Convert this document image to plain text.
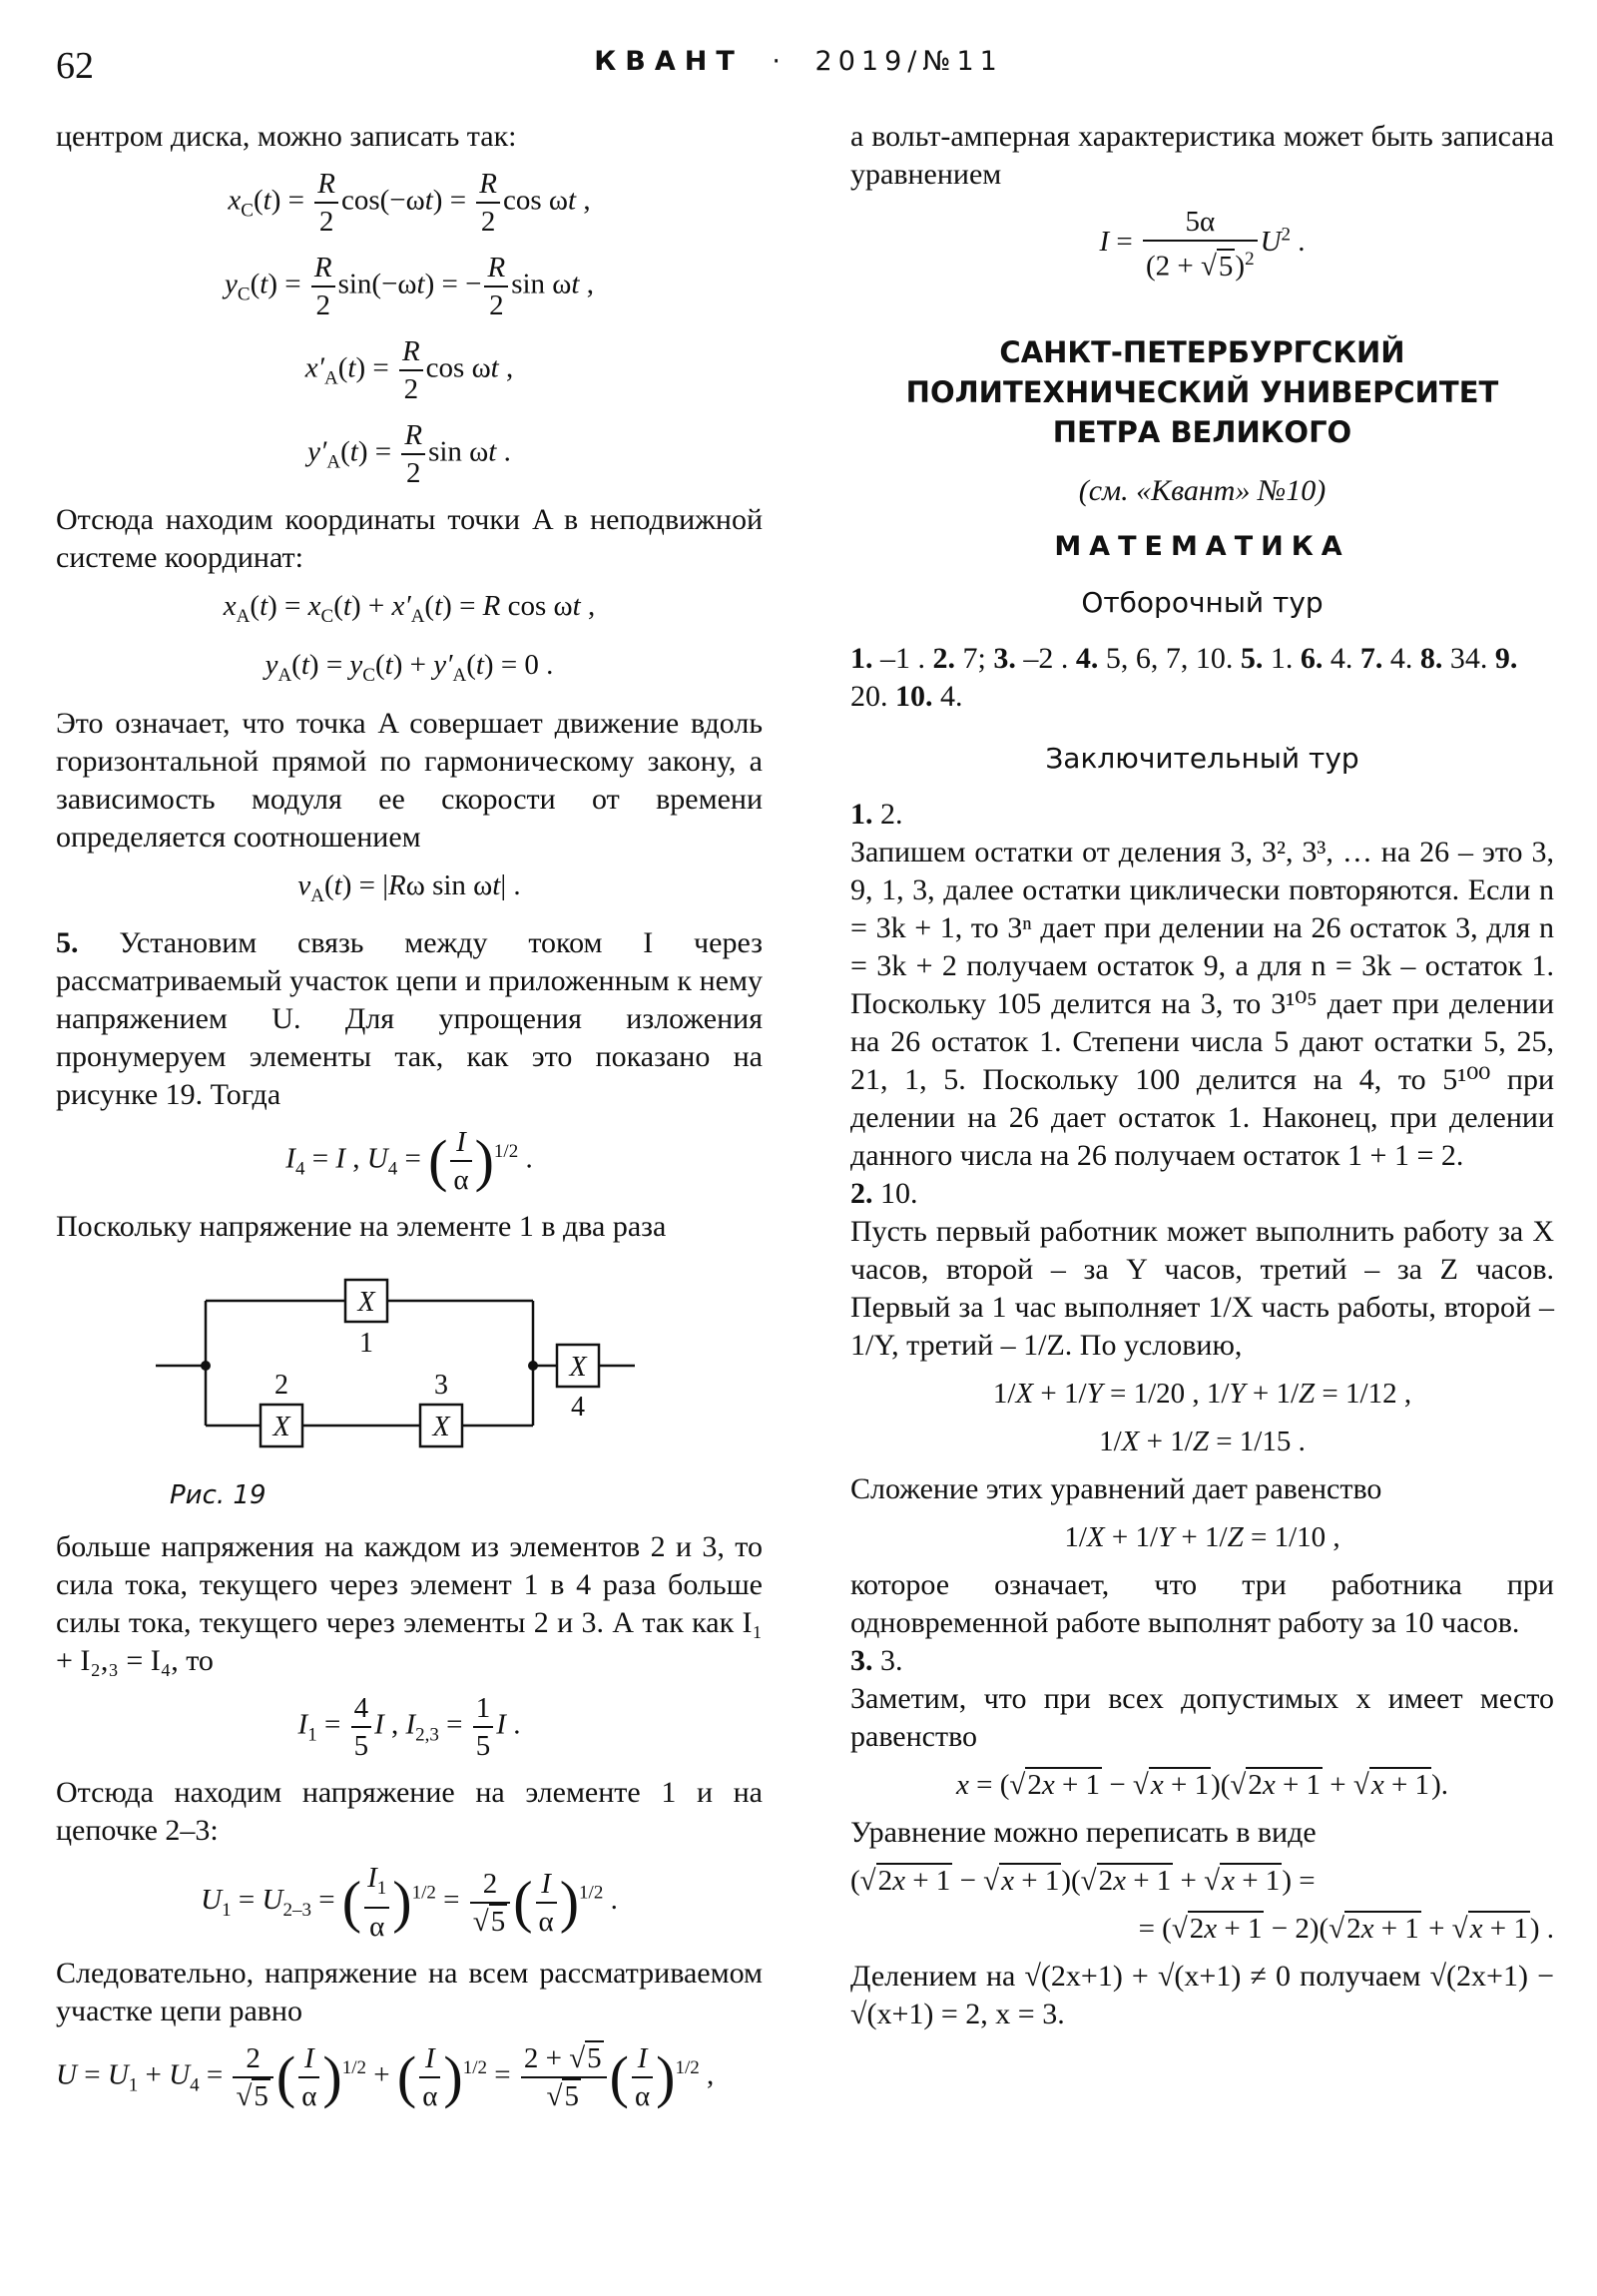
62	КВАНТ · 2019/№11

центром диска, можно записать так:

$x_C(t) = \frac{R}{2} \cos(-\omega t) = \frac{R}{2}$ cos ωt ,
$y_C(t) = \frac{R}{2} \sin(-\omega t)$ = − $\frac{R}{2}$ sin ωt ,
$x'_A(t) = \frac{R}{2}$ cos ωt ,
$y'_A(t) = \frac{R}{2}$ sin ωt .

Отсюда находим координаты точки A в неподвижной системе координат:

$x_A(t) = x_C(t) + x'_A(t) = R$ cos ωt ,
$y_A(t) = y_C(t) + y'_A(t) = 0$ .

Это означает, что точка A совершает движение вдоль горизонтальной прямой по гармоническому закону, а зависимость модуля ее скорости от времени определяется соотношением

$v_A(t) = |R\omega$ sin ωt| .

5. Установим связь между током I через рассматриваемый участок цепи и приложенным к нему напряжением U. Для упрощения изложения пронумеруем элементы так, как это показано на рисунке 19. Тогда

$I_4 = I$ , $U_4$ = ( $\frac{I}{\alpha} )^{1/2}$ .

Поскольку напряжение на элементе 1 в два раза

X
X	X
X
1
2	3
4
Рис. 19

больше напряжения на каждом из элементов 2 и 3, то сила тока, текущего через элемент 1 в 4 раза больше силы тока, текущего через элементы 2 и 3. А так как I₁ + I₂,₃ = I₄, то

$I_1 = \frac{4}{5}$ I , $I_{2,3} = \frac{1}{5}$ I .

Отсюда находим напряжение на элементе 1 и на цепочке 2–3:

$U_1 = U_{2-3}$ = ( $\frac{I_1}{\alpha} )^{1/2} = \frac{2}{√5}$ ( $\frac{I}{\alpha} )^{1/2}$ .

Следовательно, напряжение на всем рассматриваемом участке цепи равно

$U = U_1 + U_4 = \frac{2}{√5}$ ( $\frac{I}{\alpha} )^{1/2}$ + ( $\frac{I}{\alpha} )^{1/2} = \frac{2 + √5}{√5}$ ( $\frac{I}{\alpha} )^{1/2}$ ,

а вольт-амперная характеристика может быть записана уравнением

$I = \frac{5\alpha}{(2 + √5)^2} U^2$ .
САНКТ-ПЕТЕРБУРГСКИЙ
ПОЛИТЕХНИЧЕСКИЙ УНИВЕРСИТЕТ
ПЕТРА ВЕЛИКОГО
(см. «Квант» №10)
МАТЕМАТИКА
Отборочный тур

1. –1 . 2. 7; 3. –2 . 4. 5, 6, 7, 10. 5. 1. 6. 4. 7. 4. 8. 34. 9. 20. 10. 4.

Заключительный тур

1. 2.

Запишем остатки от деления 3, 3², 3³, … на 26 – это 3, 9, 1, 3, далее остатки циклически повторяются. Если n = 3k + 1, то 3ⁿ дает при делении на 26 остаток 3, для n = 3k + 2 получаем остаток 9, а для n = 3k – остаток 1. Поскольку 105 делится на 3, то 3¹⁰⁵ дает при делении на 26 остаток 1. Степени числа 5 дают остатки 5, 25, 21, 1, 5. Поскольку 100 делится на 4, то 5¹⁰⁰ при делении на 26 дает остаток 1. Наконец, при делении данного числа на 26 получаем остаток 1 + 1 = 2.

2. 10.

Пусть первый работник может выполнить работу за X часов, второй – за Y часов, третий – за Z часов. Первый за 1 час выполняет 1/X часть работы, второй – 1/Y, третий – 1/Z. По условию,

1/X + 1/Y = 1/20 , 1/Y + 1/Z = 1/12 ,
1/X + 1/Z = 1/15 .

Сложение этих уравнений дает равенство

1/X + 1/Y + 1/Z = 1/10 ,

которое означает, что три работника при одновременной работе выполнят работу за 10 часов.

3. 3.

Заметим, что при всех допустимых x имеет место равенство

x = (√2x + 1 − √x + 1)(√2x + 1 + √x + 1).

Уравнение можно переписать в виде

(√2x + 1 − √x + 1)(√2x + 1 + √x + 1) =
= (√2x + 1 − 2)(√2x + 1 + √x + 1) .

Делением на √(2x+1) + √(x+1) ≠ 0 получаем √(2x+1) − √(x+1) = 2, x = 3.
